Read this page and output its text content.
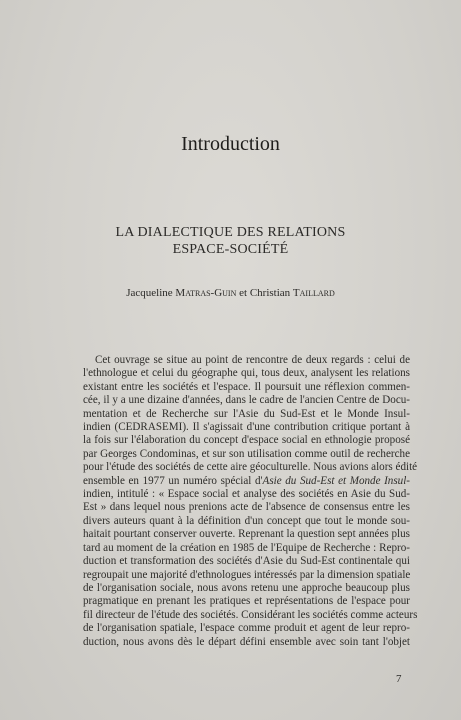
Introduction
LA DIALECTIQUE DES RELATIONS
ESPACE-SOCIÉTÉ
Jacqueline Matras-Guin et Christian Taillard
Cet ouvrage se situe au point de rencontre de deux regards : celui de
l'ethnologue et celui du géographe qui, tous deux, analysent les relations
existant entre les sociétés et l'espace. Il poursuit une réflexion commen-
cée, il y a une dizaine d'années, dans le cadre de l'ancien Centre de Docu-
mentation et de Recherche sur l'Asie du Sud-Est et le Monde Insul-
indien (CEDRASEMI). Il s'agissait d'une contribution critique portant à
la fois sur l'élaboration du concept d'espace social en ethnologie proposé
par Georges Condominas, et sur son utilisation comme outil de recherche
pour l'étude des sociétés de cette aire géoculturelle. Nous avions alors édité
ensemble en 1977 un numéro spécial d'Asie du Sud-Est et Monde Insul-
indien, intitulé : « Espace social et analyse des sociétés en Asie du Sud-
Est » dans lequel nous prenions acte de l'absence de consensus entre les
divers auteurs quant à la définition d'un concept que tout le monde sou-
haitait pourtant conserver ouverte. Reprenant la question sept années plus
tard au moment de la création en 1985 de l'Equipe de Recherche : Repro-
duction et transformation des sociétés d'Asie du Sud-Est continentale qui
regroupait une majorité d'ethnologues intéressés par la dimension spatiale
de l'organisation sociale, nous avons retenu une approche beaucoup plus
pragmatique en prenant les pratiques et représentations de l'espace pour
fil directeur de l'étude des sociétés. Considérant les sociétés comme acteurs
de l'organisation spatiale, l'espace comme produit et agent de leur repro-
duction, nous avons dès le départ défini ensemble avec soin tant l'objet
7
